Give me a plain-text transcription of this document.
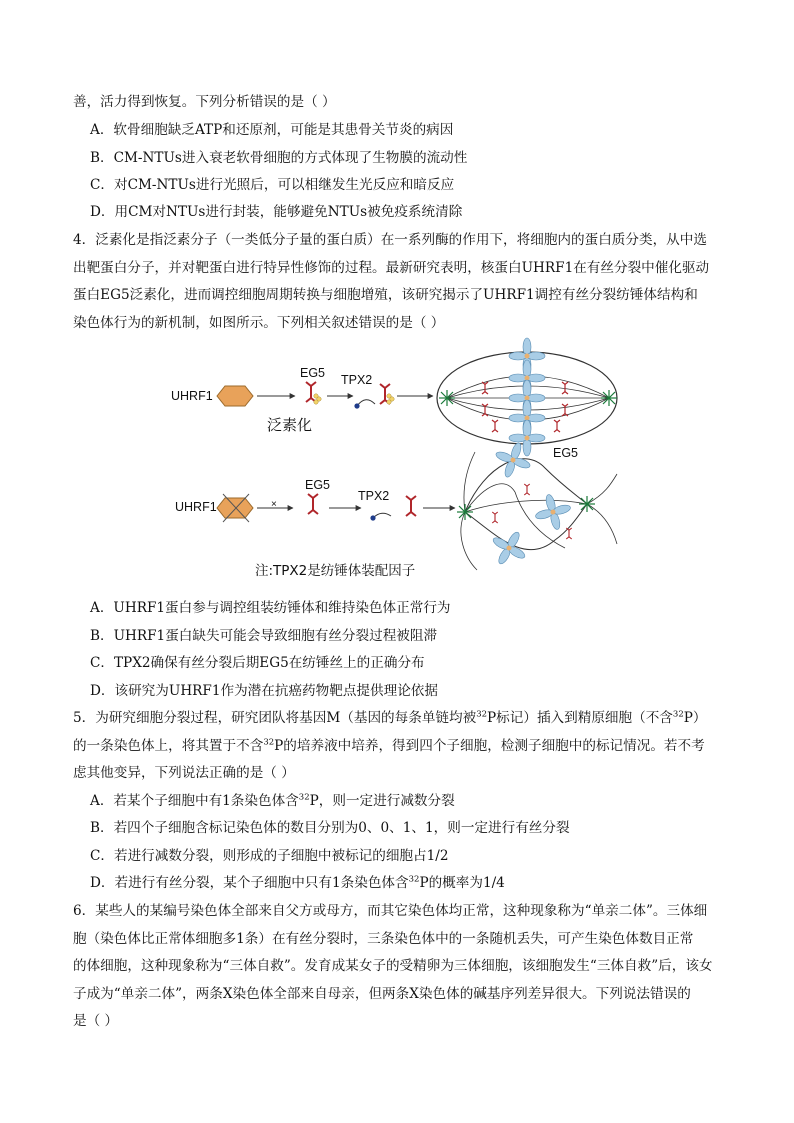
善，活力得到恢复。下列分析错误的是（ ）
A．软骨细胞缺乏ATP和还原剂，可能是其患骨关节炎的病因
B．CM-NTUs进入衰老软骨细胞的方式体现了生物膜的流动性
C．对CM-NTUs进行光照后，可以相继发生光反应和暗反应
D．用CM对NTUs进行封装，能够避免NTUs被免疫系统清除
4．泛素化是指泛素分子（一类低分子量的蛋白质）在一系列酶的作用下，将细胞内的蛋白质分类，从中选
出靶蛋白分子，并对靶蛋白进行特异性修饰的过程。最新研究表明，核蛋白UHRF1在有丝分裂中催化驱动
蛋白EG5泛素化，进而调控细胞周期转换与细胞增殖，该研究揭示了UHRF1调控有丝分裂纺锤体结构和
染色体行为的新机制，如图所示。下列相关叙述错误的是（ ）
UHRF1
EG5 TPX2
泛素化
UHRF1
EG5
TPX2
EG5
×
注:TPX2是纺锤体装配因子
A．UHRF1蛋白参与调控组装纺锤体和维持染色体正常行为
B．UHRF1蛋白缺失可能会导致细胞有丝分裂过程被阻滞
C．TPX2确保有丝分裂后期EG5在纺锤丝上的正确分布
D．该研究为UHRF1作为潜在抗癌药物靶点提供理论依据
5．为研究细胞分裂过程，研究团队将基因M（基因的每条单链均被$^{32}$P标记）插入到精原细胞（不含$^{32}$P）
的一条染色体上，将其置于不含$^{32}$P的培养液中培养，得到四个子细胞，检测子细胞中的标记情况。若不考
虑其他变异，下列说法正确的是（ ）
A．若某个子细胞中有1条染色体含$^{32}$P，则一定进行减数分裂
B．若四个子细胞含标记染色体的数目分别为0、0、1、1，则一定进行有丝分裂
C．若进行减数分裂，则形成的子细胞中被标记的细胞占1/2
D．若进行有丝分裂，某个子细胞中只有1条染色体含$^{32}$P的概率为1/4
6．某些人的某编号染色体全部来自父方或母方，而其它染色体均正常，这种现象称为“单亲二体”。三体细
胞（染色体比正常体细胞多1条）在有丝分裂时，三条染色体中的一条随机丢失，可产生染色体数目正常
的体细胞，这种现象称为“三体自救”。发育成某女子的受精卵为三体细胞，该细胞发生“三体自救”后，该女
子成为“单亲二体”，两条X染色体全部来自母亲，但两条X染色体的碱基序列差异很大。下列说法错误的
是（ ）
